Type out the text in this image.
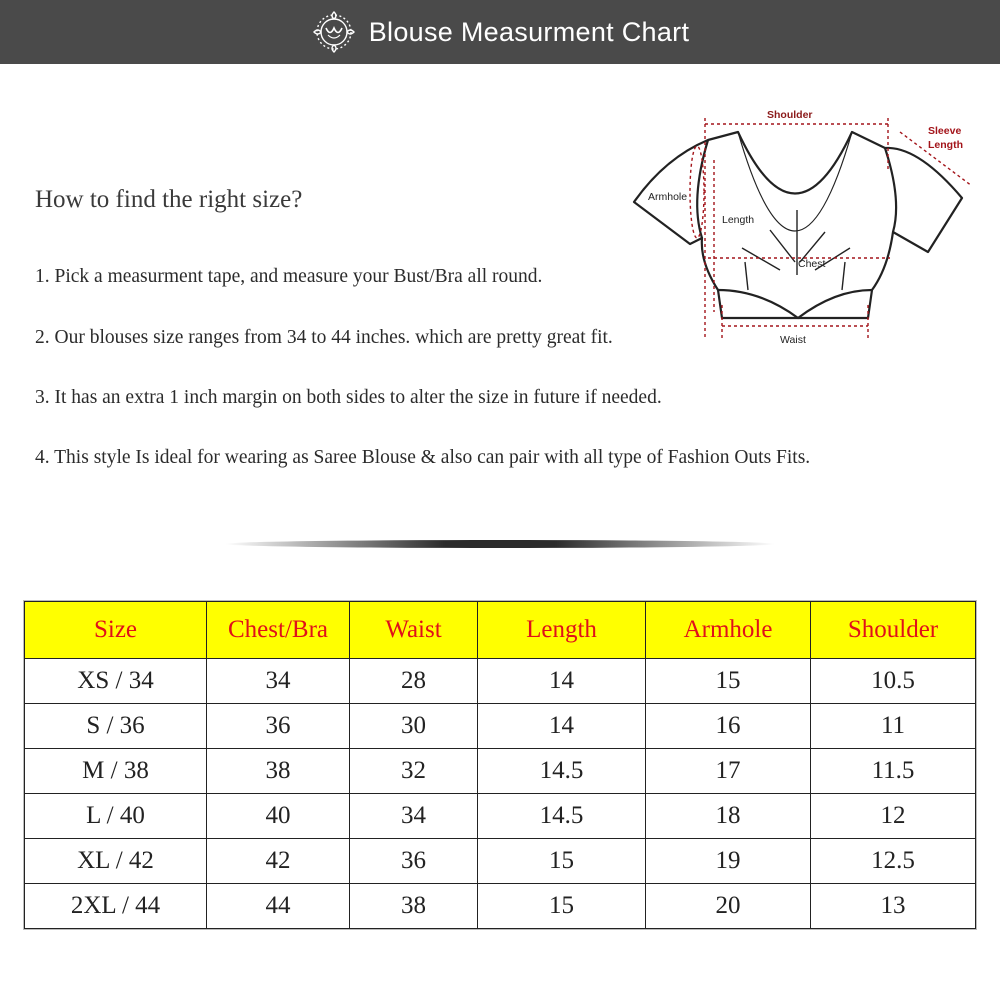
Blouse Measurment Chart
How to find the right size?
1. Pick a measurment tape, and measure your Bust/Bra all round.
2. Our blouses size ranges from 34 to 44 inches. which are pretty great fit.
3. It has an extra 1 inch margin on both sides to alter the size in future if needed.
4. This style Is ideal for wearing as Saree Blouse & also can pair with all type of Fashion Outs Fits.
Shoulder
Sleeve
Length
Armhole
Length
Chest
Waist
Size	Chest/Bra	Waist	Length	Armhole	Shoulder
XS / 34	34	28	14	15	10.5
S / 36	36	30	14	16	11
M / 38	38	32	14.5	17	11.5
L / 40	40	34	14.5	18	12
XL / 42	42	36	15	19	12.5
2XL / 44	44	38	15	20	13
